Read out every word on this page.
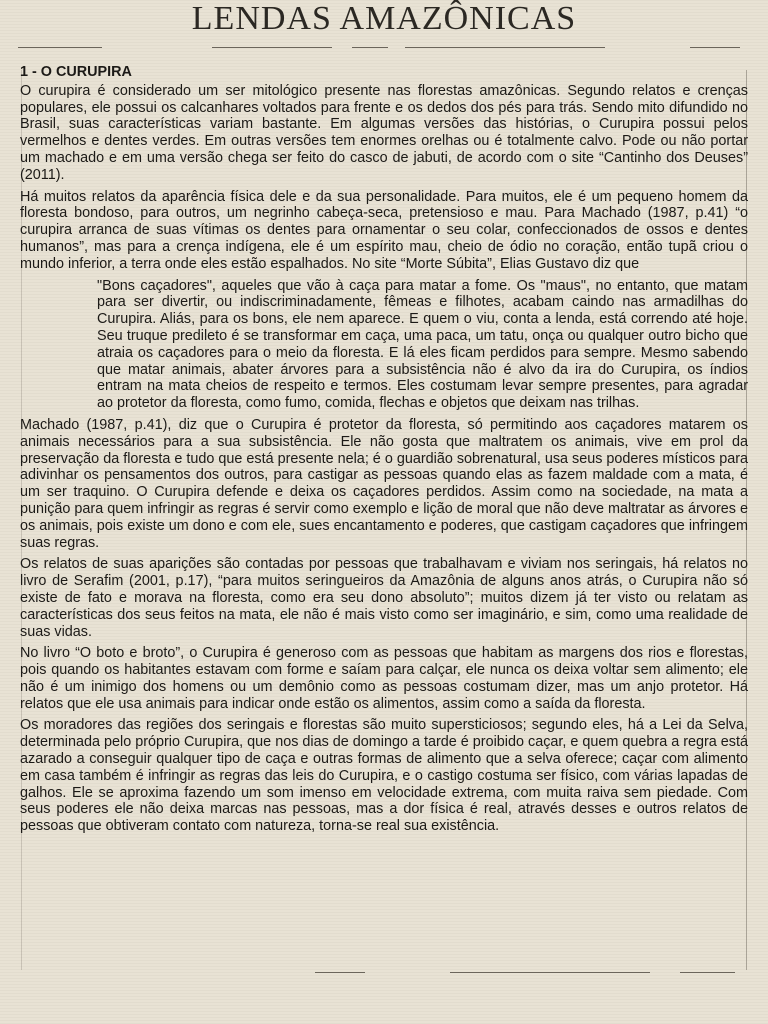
LENDAS AMAZÔNICAS
1 - O CURUPIRA

O curupira é considerado um ser mitológico presente nas florestas amazônicas. Segundo relatos e crenças populares, ele possui os calcanhares voltados para frente e os dedos dos pés para trás. Sendo mito difundido no Brasil, suas características variam bastante. Em algumas versões das histórias, o Curupira possui pelos vermelhos e dentes verdes. Em outras versões tem enormes orelhas ou é totalmente calvo. Pode ou não portar um machado e em uma versão chega ser feito do casco de jabuti, de acordo com o site “Cantinho dos Deuses” (2011).

Há muitos relatos da aparência física dele e da sua personalidade. Para muitos, ele é um pequeno homem da floresta bondoso, para outros, um negrinho cabeça-seca, pretensioso e mau. Para Machado (1987, p.41) “o curupira arranca de suas vítimas os dentes para ornamentar o seu colar, confeccionados de ossos e dentes humanos”, mas para a crença indígena, ele é um espírito mau, cheio de ódio no coração, então tupã criou o mundo inferior, a terra onde eles estão espalhados. No site “Morte Súbita”, Elias Gustavo diz que

"Bons caçadores", aqueles que vão à caça para matar a fome. Os "maus", no entanto, que matam para ser divertir, ou indiscriminadamente, fêmeas e filhotes, acabam caindo nas armadilhas do Curupira. Aliás, para os bons, ele nem aparece. E quem o viu, conta a lenda, está correndo até hoje. Seu truque predileto é se transformar em caça, uma paca, um tatu, onça ou qualquer outro bicho que atraia os caçadores para o meio da floresta. E lá eles ficam perdidos para sempre. Mesmo sabendo que matar animais, abater árvores para a subsistência não é alvo da ira do Curupira, os índios entram na mata cheios de respeito e termos. Eles costumam levar sempre presentes, para agradar ao protetor da floresta, como fumo, comida, flechas e objetos que deixam nas trilhas.

Machado (1987, p.41), diz que o Curupira é protetor da floresta, só permitindo aos caçadores matarem os animais necessários para a sua subsistência. Ele não gosta que maltratem os animais, vive em prol da preservação da floresta e tudo que está presente nela; é o guardião sobrenatural, usa seus poderes místicos para adivinhar os pensamentos dos outros, para castigar as pessoas quando elas as fazem maldade com a mata, é um ser traquino. O Curupira defende e deixa os caçadores perdidos. Assim como na sociedade, na mata a punição para quem infringir as regras é servir como exemplo e lição de moral que não deve maltratar as árvores e os animais, pois existe um dono e com ele, sues encantamento e poderes, que castigam caçadores que infringem suas regras.

Os relatos de suas aparições são contadas por pessoas que trabalhavam e viviam nos seringais, há relatos no livro de Serafim (2001, p.17), “para muitos seringueiros da Amazônia de alguns anos atrás, o Curupira não só existe de fato e morava na floresta, como era seu dono absoluto”; muitos dizem já ter visto ou relatam as características dos seus feitos na mata, ele não é mais visto como ser imaginário, e sim, como uma realidade de suas vidas.

No livro “O boto e broto”, o Curupira é generoso com as pessoas que habitam as margens dos rios e florestas, pois quando os habitantes estavam com forme e saíam para calçar, ele nunca os deixa voltar sem alimento; ele não é um inimigo dos homens ou um demônio como as pessoas costumam dizer, mas um anjo protetor. Há relatos que ele usa animais para indicar onde estão os alimentos, assim como a saída da floresta.

Os moradores das regiões dos seringais e florestas são muito supersticiosos; segundo eles, há a Lei da Selva, determinada pelo próprio Curupira, que nos dias de domingo a tarde é proibido caçar, e quem quebra a regra está azarado a conseguir qualquer tipo de caça e outras formas de alimento que a selva oferece; caçar com alimento em casa também é infringir as regras das leis do Curupira, e o castigo costuma ser físico, com várias lapadas de galhos. Ele se aproxima fazendo um som imenso em velocidade extrema, com muita raiva sem piedade. Com seus poderes ele não deixa marcas nas pessoas, mas a dor física é real, através desses e outros relatos de pessoas que obtiveram contato com natureza, torna-se real sua existência.
